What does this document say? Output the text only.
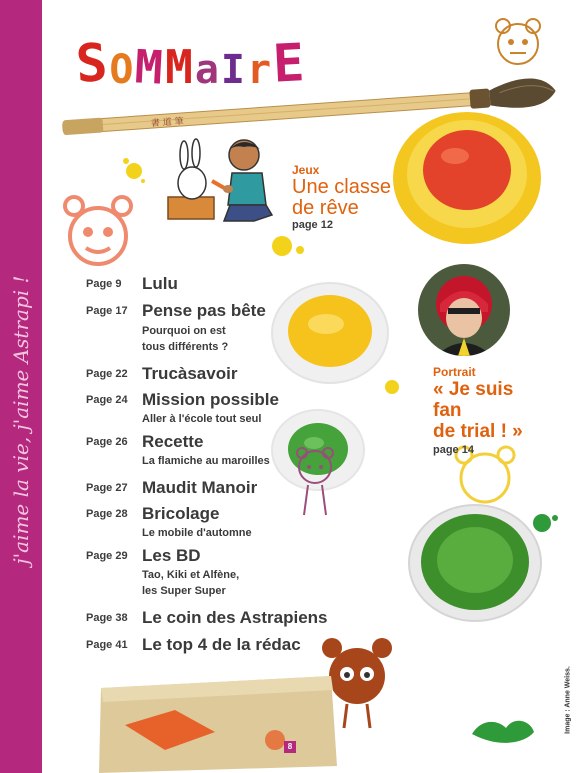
j'aime la vie, j'aime Astrapi !
S O M M a I r E
書 道 筆
Jeux
Une classe
de rêve
page 12
Portrait
« Je suis fan
de trial ! »
page 14
Page 9	Lulu
Page 17 Pense pas bête
Pourquoi on est
tous différents ?
Page 22 Trucàsavoir
Page 24 Mission possible
Aller à l'école tout seul
Page 26 Recette
La flamiche au maroilles
Page 27 Maudit Manoir
Page 28 Bricolage
Le mobile d'automne
Page 29 Les BD
Tao, Kiki et Alfène,
les Super Super
Page 38 Le coin des Astrapiens
Page 41 Le top 4 de la rédac
Image : Anne Weiss.
8
